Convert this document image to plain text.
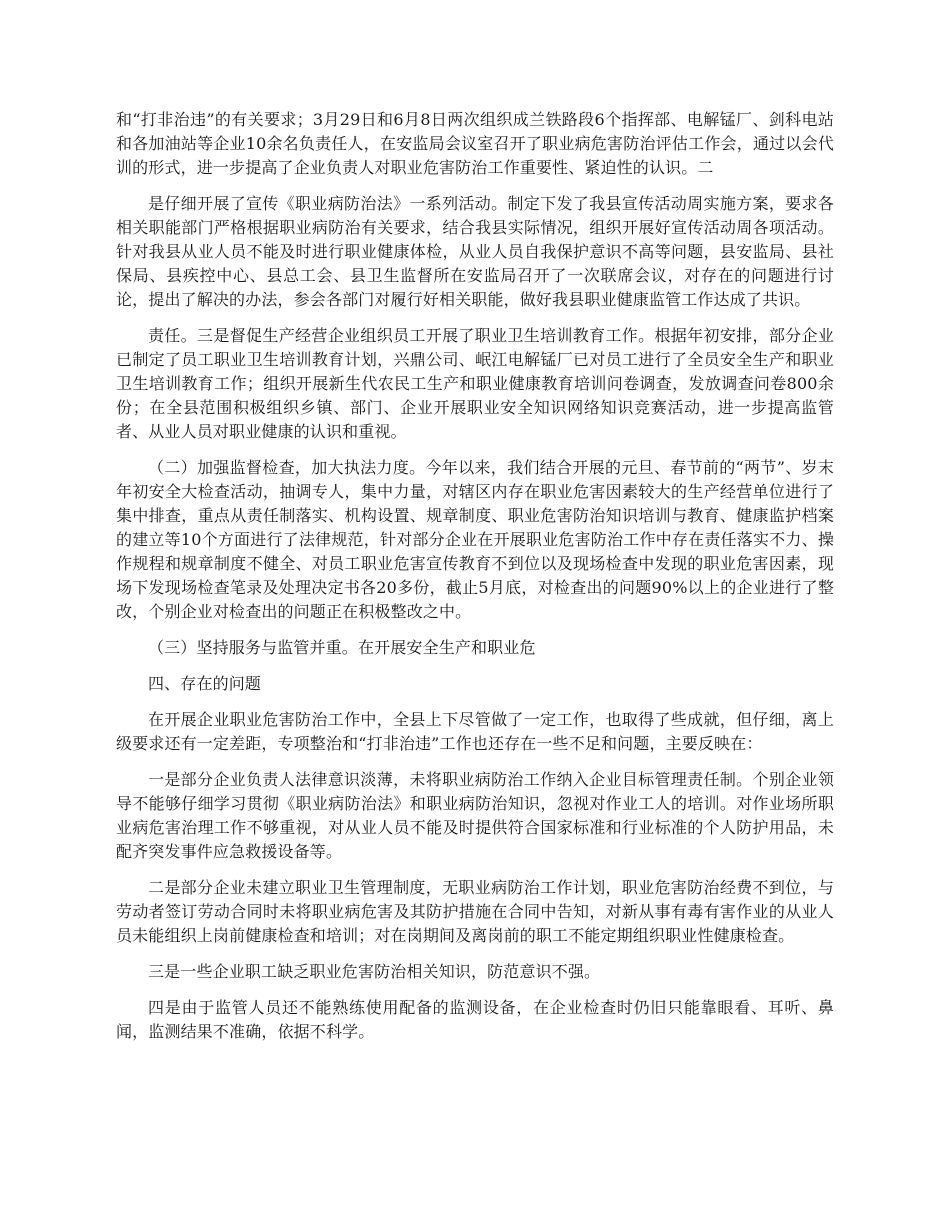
和“打非治违”的有关要求；3月29日和6月8日两次组织成兰铁路段6个指挥部、电解锰厂、剑科电站和各加油站等企业10余名负责任人，在安监局会议室召开了职业病危害防治评估工作会，通过以会代训的形式，进一步提高了企业负责人对职业危害防治工作重要性、紧迫性的认识。二

是仔细开展了宣传《职业病防治法》一系列活动。制定下发了我县宣传活动周实施方案，要求各相关职能部门严格根据职业病防治有关要求，结合我县实际情况，组织开展好宣传活动周各项活动。针对我县从业人员不能及时进行职业健康体检，从业人员自我保护意识不高等问题，县安监局、县社保局、县疾控中心、县总工会、县卫生监督所在安监局召开了一次联席会议，对存在的问题进行讨论，提出了解决的办法，参会各部门对履行好相关职能，做好我县职业健康监管工作达成了共识。

责任。三是督促生产经营企业组织员工开展了职业卫生培训教育工作。根据年初安排，部分企业已制定了员工职业卫生培训教育计划，兴鼎公司、岷江电解锰厂已对员工进行了全员安全生产和职业卫生培训教育工作；组织开展新生代农民工生产和职业健康教育培训问卷调查，发放调查问卷800余份；在全县范围积极组织乡镇、部门、企业开展职业安全知识网络知识竞赛活动，进一步提高监管者、从业人员对职业健康的认识和重视。

（二）加强监督检查，加大执法力度。今年以来，我们结合开展的元旦、春节前的“两节”、岁末年初安全大检查活动，抽调专人，集中力量，对辖区内存在职业危害因素较大的生产经营单位进行了集中排查，重点从责任制落实、机构设置、规章制度、职业危害防治知识培训与教育、健康监护档案的建立等10个方面进行了法律规范，针对部分企业在开展职业危害防治工作中存在责任落实不力、操作规程和规章制度不健全、对员工职业危害宣传教育不到位以及现场检查中发现的职业危害因素，现场下发现场检查笔录及处理决定书各20多份，截止5月底，对检查出的问题90%以上的企业进行了整改，个别企业对检查出的问题正在积极整改之中。

（三）坚持服务与监管并重。在开展安全生产和职业危

四、存在的问题

在开展企业职业危害防治工作中，全县上下尽管做了一定工作，也取得了些成就，但仔细，离上级要求还有一定差距，专项整治和“打非治违”工作也还存在一些不足和问题，主要反映在：

一是部分企业负责人法律意识淡薄，未将职业病防治工作纳入企业目标管理责任制。个别企业领导不能够仔细学习贯彻《职业病防治法》和职业病防治知识，忽视对作业工人的培训。对作业场所职业病危害治理工作不够重视，对从业人员不能及时提供符合国家标准和行业标准的个人防护用品，未配齐突发事件应急救援设备等。

二是部分企业未建立职业卫生管理制度，无职业病防治工作计划，职业危害防治经费不到位，与劳动者签订劳动合同时未将职业病危害及其防护措施在合同中告知，对新从事有毒有害作业的从业人员未能组织上岗前健康检查和培训；对在岗期间及离岗前的职工不能定期组织职业性健康检查。

三是一些企业职工缺乏职业危害防治相关知识，防范意识不强。

四是由于监管人员还不能熟练使用配备的监测设备，在企业检查时仍旧只能靠眼看、耳听、鼻闻，监测结果不准确，依据不科学。
